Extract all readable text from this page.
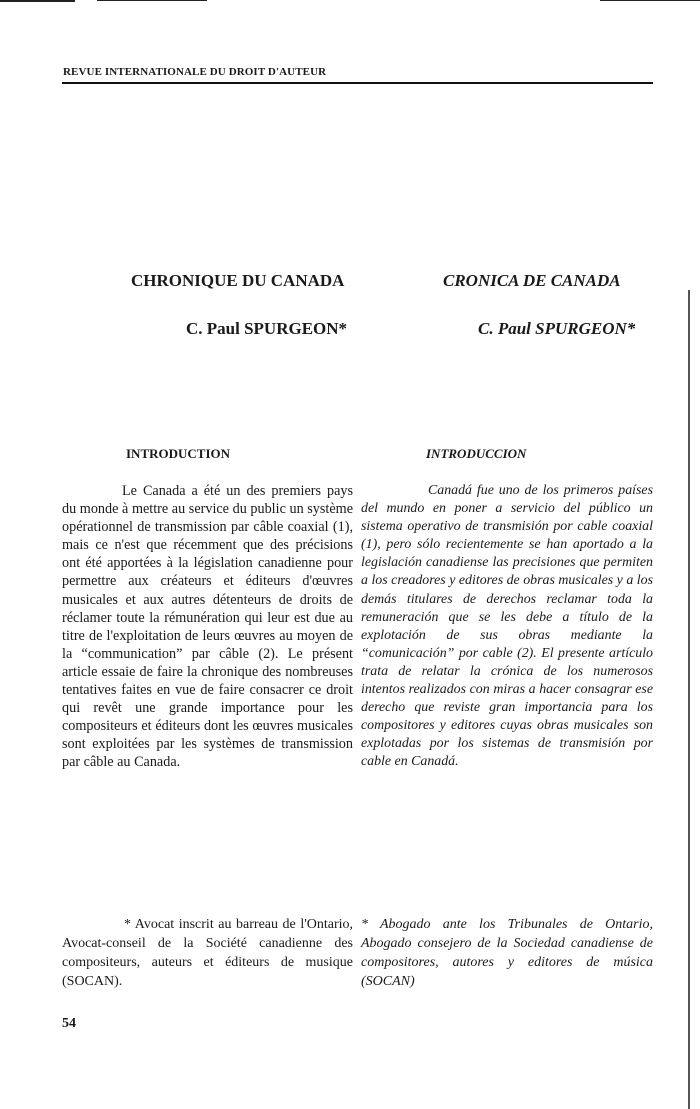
REVUE INTERNATIONALE DU DROIT D'AUTEUR
CHRONIQUE DU CANADA	CRONICA DE CANADA
C. Paul SPURGEON*	C. Paul SPURGEON*
INTRODUCTION	INTRODUCCION

Le Canada a été un des premiers pays du monde à mettre au service du public un système opérationnel de transmission par câble coaxial (1), mais ce n'est que récemment que des précisions ont été apportées à la législation canadienne pour permettre aux créateurs et éditeurs d'œuvres musicales et aux autres détenteurs de droits de réclamer toute la rémunération qui leur est due au titre de l'exploitation de leurs œuvres au moyen de la “communication” par câble (2). Le présent article essaie de faire la chronique des nombreuses tentatives faites en vue de faire consacrer ce droit qui revêt une grande importance pour les compositeurs et éditeurs dont les œuvres musicales sont exploitées par les systèmes de transmission par câble au Canada.

Canadá fue uno de los primeros países del mundo en poner a servicio del público un sistema operativo de transmisión por cable coaxial (1), pero sólo recientemente se han aportado a la legislación canadiense las precisiones que permiten a los creadores y editores de obras musicales y a los demás titulares de derechos reclamar toda la remuneración que se les debe a título de la explotación de sus obras mediante la “comunicación” por cable (2). El presente artículo trata de relatar la crónica de los numerosos intentos realizados con miras a hacer consagrar ese derecho que reviste gran importancia para los compositores y editores cuyas obras musicales son explotadas por los sistemas de transmisión por cable en Canadá.

* Avocat inscrit au barreau de l'Ontario, Avocat-conseil de la Société canadienne des compositeurs, auteurs et éditeurs de musique (SOCAN).

* Abogado ante los Tribunales de Ontario, Abogado consejero de la Sociedad canadiense de compositores, autores y editores de música (SOCAN)

54
